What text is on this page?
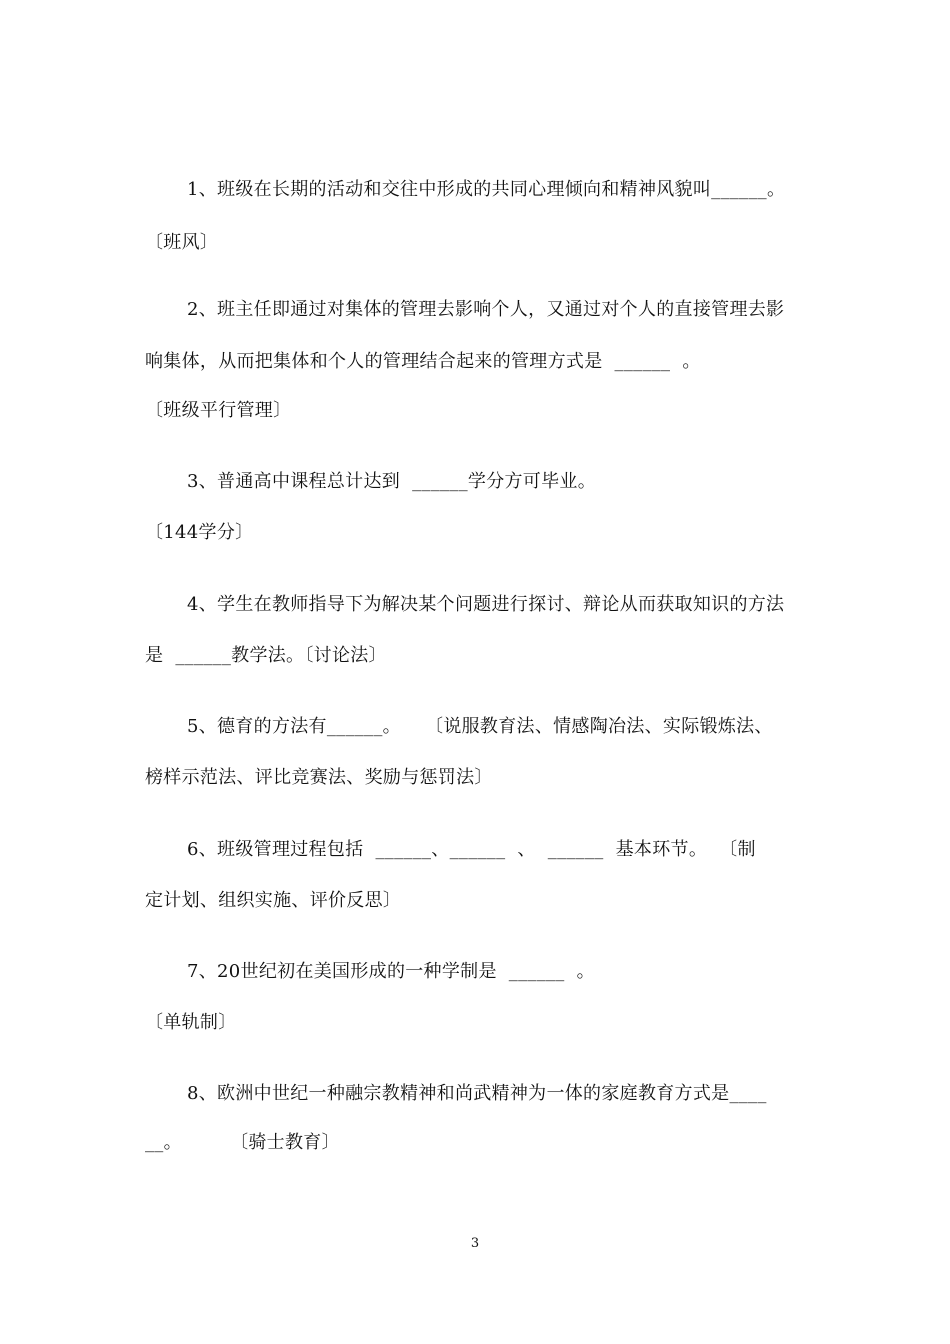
1、班级在长期的活动和交往中形成的共同心理倾向和精神风貌叫______。
〔班风〕
2、班主任即通过对集体的管理去影响个人，又通过对个人的直接管理去影
响集体，从而把集体和个人的管理结合起来的管理方式是  ______  。
〔班级平行管理〕
3、普通高中课程总计达到  ______学分方可毕业。
〔144学分〕
4、学生在教师指导下为解决某个问题进行探讨、辩论从而获取知识的方法
是  ______教学法。〔讨论法〕
5、德育的方法有______。    〔说服教育法、情感陶冶法、实际锻炼法、
榜样示范法、评比竞赛法、奖励与惩罚法〕
6、班级管理过程包括  ______、______  、  ______  基本环节。  〔制
定计划、组织实施、评价反思〕
7、20世纪初在美国形成的一种学制是  ______  。
〔单轨制〕
8、欧洲中世纪一种融宗教精神和尚武精神为一体的家庭教育方式是____
__。        〔骑士教育〕
3
